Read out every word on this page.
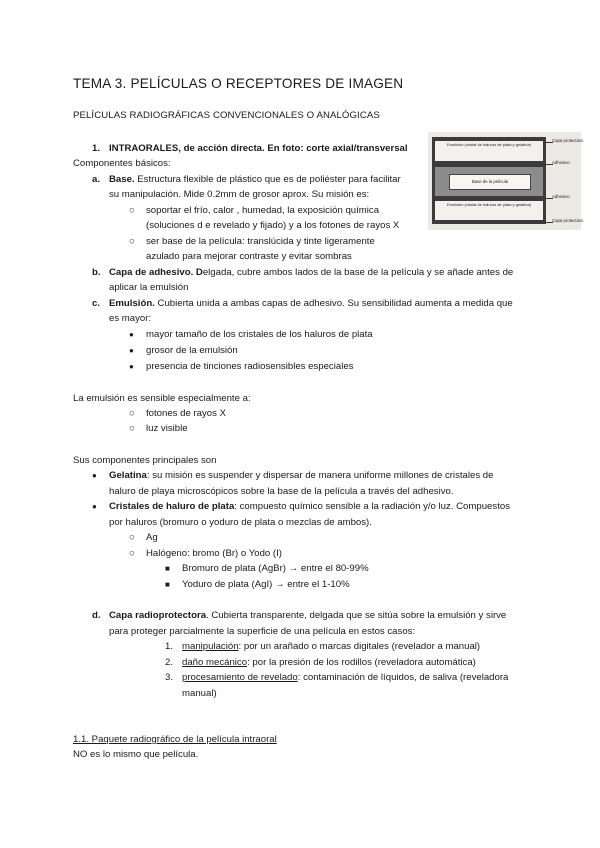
TEMA 3. PELÍCULAS O RECEPTORES DE IMAGEN
PELÍCULAS RADIOGRÁFICAS CONVENCIONALES O ANALÓGICAS
1. INTRAORALES, de acción directa. En foto: corte axial/transversal
Componentes básicos:
a. Base. Estructura flexible de plástico que es de poliéster para facilitar
su manipulación. Mide 0.2mm de grosor aprox. Su misión es:
○ soportar el frío, calor , humedad, la exposición química
(soluciones d e revelado y fijado) y a los fotones de rayos X
○ ser base de la película: translúcida y tinte ligeramente
azulado para mejorar contraste y evitar sombras
b. Capa de adhesivo. Delgada, cubre ambos lados de la base de la película y se añade antes de
aplicar la emulsión
c. Emulsión. Cubierta unida a ambas capas de adhesivo. Su sensibilidad aumenta a medida que
es mayor:
● mayor tamaño de los cristales de los haluros de plata
● grosor de la emulsión
● presencia de tinciones radiosensibles especiales
La emulsión es sensible especialmente a:
○ fotones de rayos X
○ luz visible
Sus componentes principales son
● Gelatina: su misión es suspender y dispersar de manera uniforme millones de cristales de
haluro de playa microscópicos sobre la base de la película a través del adhesivo.
● Cristales de haluro de plata: compuesto químico sensible a la radiación y/o luz. Compuestos
por haluros (bromuro o yoduro de plata o mezclas de ambos).
○ Ag
○ Halógeno: bromo (Br) o Yodo (I)
■ Bromuro de plata (AgBr) → entre el 80-99%
■ Yoduro de plata (AgI) → entre el 1-10%
d. Capa radioprotectora. Cubierta transparente, delgada que se sitúa sobre la emulsión y sirve
para proteger parcialmente la superficie de una película en estos casos:
1. manipulación: por un arañado o marcas digitales (revelador a manual)
2. daño mecánico: por la presión de los rodillos (reveladora automática)
3. procesamiento de revelado: contaminación de líquidos, de saliva (reveladora
manual)
1.1. Paquete radiográfico de la película intraoral
NO es lo mismo que película.
Emulsión (cristal de haluros de plata y gelatina)
Base de la película
Emulsión (cristal de haluros de plata y gelatina)
Capa protectora
Adhesivo
Adhesivo
Capa protectora
